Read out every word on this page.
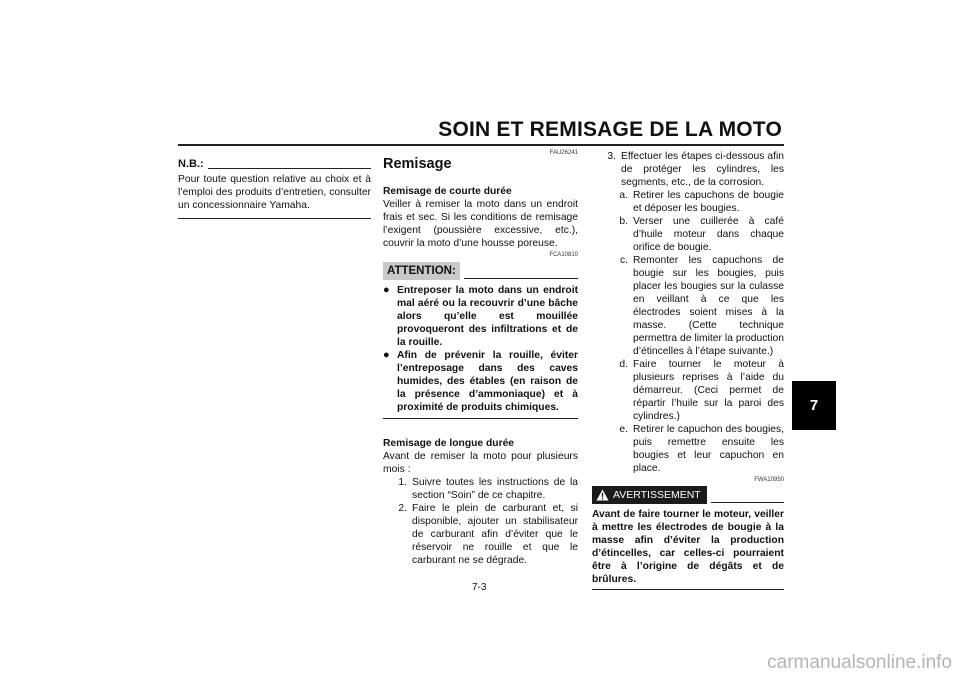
SOIN ET REMISAGE DE LA MOTO
7
N.B.:
Pour toute question relative au choix et à l’emploi des produits d’entretien, consulter un concessionnaire Yamaha.
FAU26241
Remisage
Remisage de courte durée
Veiller à remiser la moto dans un endroit frais et sec. Si les conditions de remisage l’exigent (poussière excessive, etc.), couvrir la moto d’une housse poreuse.
FCA10810
ATTENTION:
● Entreposer la moto dans un endroit mal aéré ou la recouvrir d’une bâche alors qu’elle est mouillée provoqueront des infiltrations et de la rouille.
● Afin de prévenir la rouille, éviter l’entreposage dans des caves humides, des étables (en raison de la présence d’ammoniaque) et à proximité de produits chimiques.
Remisage de longue durée
Avant de remiser la moto pour plusieurs mois :
1. Suivre toutes les instructions de la section “Soin” de ce chapitre.
2. Faire le plein de carburant et, si disponible, ajouter un stabilisateur de carburant afin d’éviter que le réservoir ne rouille et que le carburant ne se dégrade.
3. Effectuer les étapes ci-dessous afin de protéger les cylindres, les segments, etc., de la corrosion.
a. Retirer les capuchons de bougie et déposer les bougies.
b. Verser une cuillerée à café d’huile moteur dans chaque orifice de bougie.
c. Remonter les capuchons de bougie sur les bougies, puis placer les bougies sur la culasse en veillant à ce que les électrodes soient mises à la masse. (Cette technique permettra de limiter la production d’étincelles à l’étape suivante.)
d. Faire tourner le moteur à plusieurs reprises à l’aide du démarreur. (Ceci permet de répartir l’huile sur la paroi des cylindres.)
e. Retirer le capuchon des bougies, puis remettre ensuite les bougies et leur capuchon en place.
FWA10950
AVERTISSEMENT
Avant de faire tourner le moteur, veiller à mettre les électrodes de bougie à la masse afin d’éviter la production d’étincelles, car celles-ci pourraient être à l’origine de dégâts et de brûlures.
7-3
carmanualsonline.info
